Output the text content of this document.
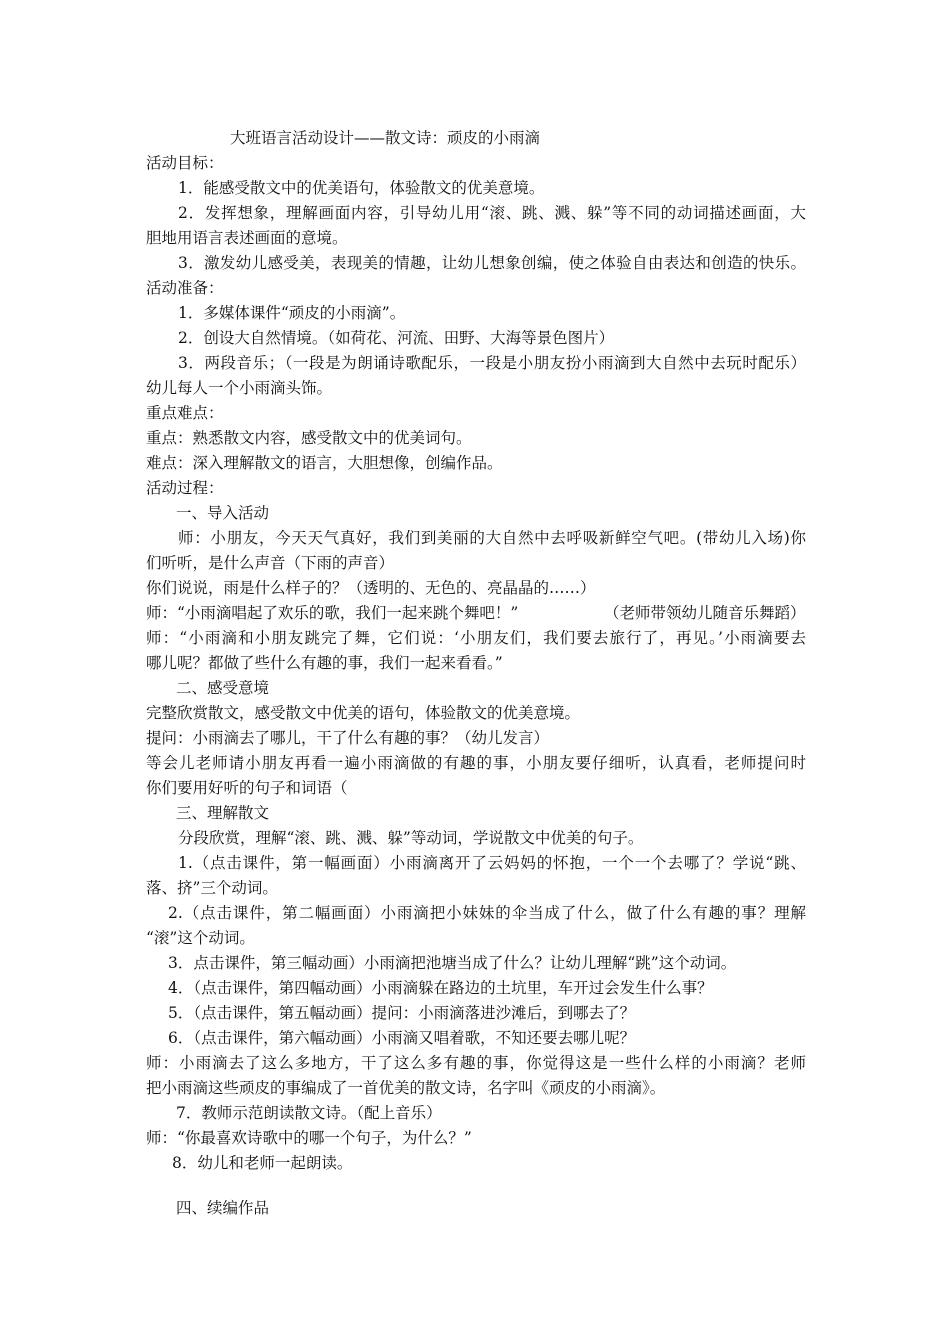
大班语言活动设计——散文诗：顽皮的小雨滴
活动目标：
1．能感受散文中的优美语句，体验散文的优美意境。
2．发挥想象，理解画面内容，引导幼儿用“滚、跳、溅、躲”等不同的动词描述画面，大
胆地用语言表述画面的意境。
3．激发幼儿感受美，表现美的情趣，让幼儿想象创编，使之体验自由表达和创造的快乐。
活动准备：
1．多媒体课件“顽皮的小雨滴”。
2．创设大自然情境。（如荷花、河流、田野、大海等景色图片）
3．两段音乐；（一段是为朗诵诗歌配乐，一段是小朋友扮小雨滴到大自然中去玩时配乐）
幼儿每人一个小雨滴头饰。
重点难点：
重点：熟悉散文内容，感受散文中的优美词句。
难点：深入理解散文的语言，大胆想像，创编作品。
活动过程：
一、导入活动
师：小朋友，今天天气真好，我们到美丽的大自然中去呼吸新鲜空气吧。(带幼儿入场)你
们听听，是什么声音（下雨的声音）
你们说说，雨是什么样子的？（透明的、无色的、亮晶晶的……）
师：“小雨滴唱起了欢乐的歌，我们一起来跳个舞吧！”	（老师带领幼儿随音乐舞蹈）
师：“小雨滴和小朋友跳完了舞，它们说：‘小朋友们，我们要去旅行了，再见。’小雨滴要去
哪儿呢？都做了些什么有趣的事，我们一起来看看。”
二、感受意境
完整欣赏散文，感受散文中优美的语句，体验散文的优美意境。
提问：小雨滴去了哪儿，干了什么有趣的事？（幼儿发言）
等会儿老师请小朋友再看一遍小雨滴做的有趣的事，小朋友要仔细听，认真看，老师提问时
你们要用好听的句子和词语（
三、理解散文
分段欣赏，理解“滚、跳、溅、躲”等动词，学说散文中优美的句子。
1.（点击课件，第一幅画面）小雨滴离开了云妈妈的怀抱，一个一个去哪了？学说“跳、
落、挤”三个动词。
2.（点击课件，第二幅画面）小雨滴把小妹妹的伞当成了什么，做了什么有趣的事？理解
“滚”这个动词。
3．点击课件，第三幅动画）小雨滴把池塘当成了什么？让幼儿理解“跳”这个动词。
4．（点击课件，第四幅动画）小雨滴躲在路边的土坑里，车开过会发生什么事？
5．（点击课件，第五幅动画）提问：小雨滴落进沙滩后，到哪去了？
6．（点击课件，第六幅动画）小雨滴又唱着歌，不知还要去哪儿呢？
师：小雨滴去了这么多地方，干了这么多有趣的事，你觉得这是一些什么样的小雨滴？老师
把小雨滴这些顽皮的事编成了一首优美的散文诗，名字叫《顽皮的小雨滴》。
7．教师示范朗读散文诗。（配上音乐）
师：“你最喜欢诗歌中的哪一个句子，为什么？”
8．幼儿和老师一起朗读。
四、续编作品
